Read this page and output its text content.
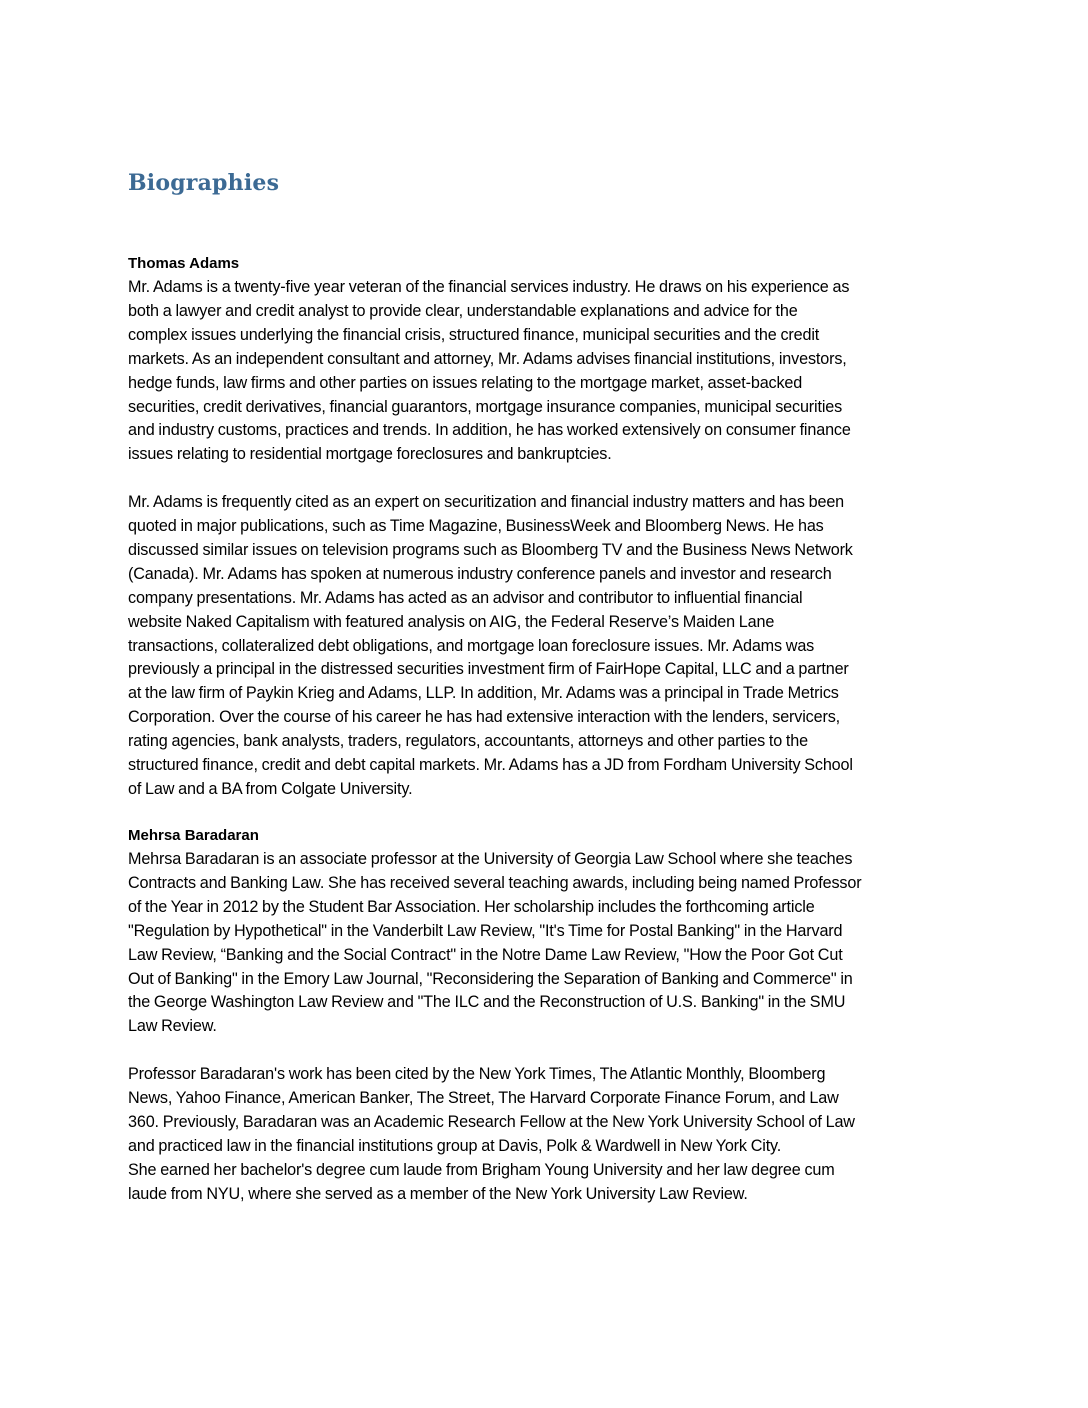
Biographies
Thomas Adams

Mr. Adams is a twenty-five year veteran of the financial services industry. He draws on his experience as
both a lawyer and credit analyst to provide clear, understandable explanations and advice for the
complex issues underlying the financial crisis, structured finance, municipal securities and the credit
markets. As an independent consultant and attorney, Mr. Adams advises financial institutions, investors,
hedge funds, law firms and other parties on issues relating to the mortgage market, asset-backed
securities, credit derivatives, financial guarantors, mortgage insurance companies, municipal securities
and industry customs, practices and trends. In addition, he has worked extensively on consumer finance
issues relating to residential mortgage foreclosures and bankruptcies.

Mr. Adams is frequently cited as an expert on securitization and financial industry matters and has been
quoted in major publications, such as Time Magazine, BusinessWeek and Bloomberg News. He has
discussed similar issues on television programs such as Bloomberg TV and the Business News Network
(Canada). Mr. Adams has spoken at numerous industry conference panels and investor and research
company presentations. Mr. Adams has acted as an advisor and contributor to influential financial
website Naked Capitalism with featured analysis on AIG, the Federal Reserve’s Maiden Lane
transactions, collateralized debt obligations, and mortgage loan foreclosure issues. Mr. Adams was
previously a principal in the distressed securities investment firm of FairHope Capital, LLC and a partner
at the law firm of Paykin Krieg and Adams, LLP. In addition, Mr. Adams was a principal in Trade Metrics
Corporation. Over the course of his career he has had extensive interaction with the lenders, servicers,
rating agencies, bank analysts, traders, regulators, accountants, attorneys and other parties to the
structured finance, credit and debt capital markets. Mr. Adams has a JD from Fordham University School
of Law and a BA from Colgate University.

Mehrsa Baradaran

Mehrsa Baradaran is an associate professor at the University of Georgia Law School where she teaches
Contracts and Banking Law. She has received several teaching awards, including being named Professor
of the Year in 2012 by the Student Bar Association. Her scholarship includes the forthcoming article
"Regulation by Hypothetical" in the Vanderbilt Law Review, "It's Time for Postal Banking" in the Harvard
Law Review, “Banking and the Social Contract" in the Notre Dame Law Review, "How the Poor Got Cut
Out of Banking" in the Emory Law Journal, "Reconsidering the Separation of Banking and Commerce" in
the George Washington Law Review and "The ILC and the Reconstruction of U.S. Banking" in the SMU
Law Review.

Professor Baradaran's work has been cited by the New York Times, The Atlantic Monthly, Bloomberg
News, Yahoo Finance, American Banker, The Street, The Harvard Corporate Finance Forum, and Law
360. Previously, Baradaran was an Academic Research Fellow at the New York University School of Law
and practiced law in the financial institutions group at Davis, Polk & Wardwell in New York City.
She earned her bachelor's degree cum laude from Brigham Young University and her law degree cum
laude from NYU, where she served as a member of the New York University Law Review.
